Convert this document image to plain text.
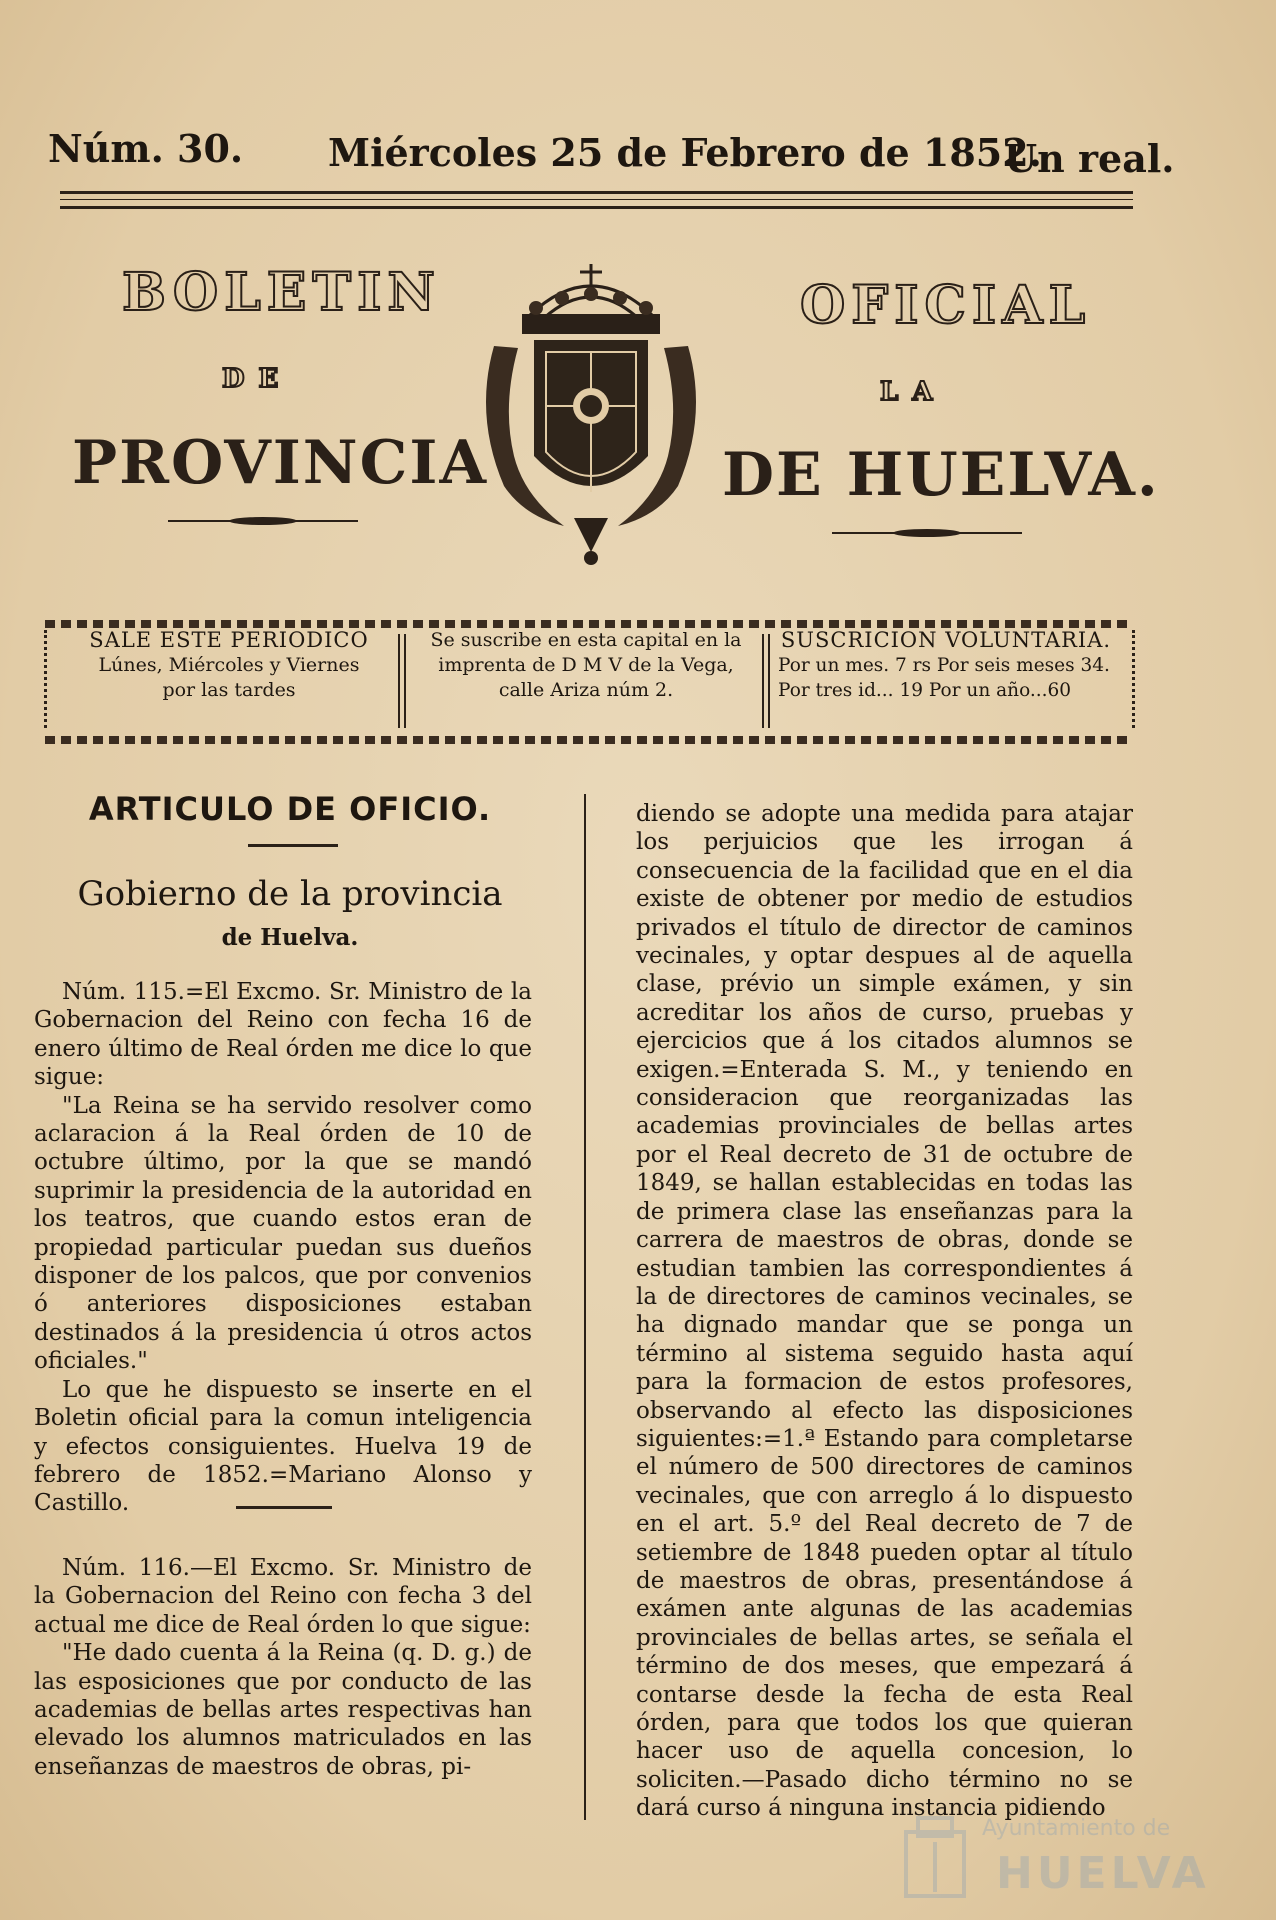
Núm. 30. Miércoles 25 de Febrero de 1852.
Un real.
BOLETIN	OFICIAL
DE	LA
PROVINCIA	DE HUELVA.
SALE ESTE PERIODICO
Lúnes, Miércoles y Viernes
por las tardes
Se suscribe en esta capital en la
imprenta de D M V de la Vega,
calle Ariza núm 2.
SUSCRICION VOLUNTARIA.
Por un mes. 7 rs Por seis meses 34.
Por tres id... 19 Por un año...60
ARTICULO DE OFICIO.
Gobierno de la provincia
de Huelva.

Núm. 115.=El Excmo. Sr. Ministro de la Gobernacion del Reino con fecha 16 de enero último de Real órden me dice lo que sigue:

"La Reina se ha servido resolver como aclaracion á la Real órden de 10 de octubre último, por la que se mandó suprimir la presidencia de la autoridad en los teatros, que cuando estos eran de propiedad particular puedan sus dueños disponer de los palcos, que por convenios ó anteriores disposiciones estaban destinados á la presidencia ú otros actos oficiales."

Lo que he dispuesto se inserte en el Boletin oficial para la comun inteligencia y efectos consiguientes. Huelva 19 de febrero de 1852.=Mariano Alonso y Castillo.

Núm. 116.—El Excmo. Sr. Ministro de la Gobernacion del Reino con fecha 3 del actual me dice de Real órden lo que sigue:

"He dado cuenta á la Reina (q. D. g.) de las esposiciones que por conducto de las academias de bellas artes respectivas han elevado los alumnos matriculados en las enseñanzas de maestros de obras, pi-

diendo se adopte una medida para atajar los perjuicios que les irrogan á consecuencia de la facilidad que en el dia existe de obtener por medio de estudios privados el título de director de caminos vecinales, y optar despues al de aquella clase, prévio un simple exámen, y sin acreditar los años de curso, pruebas y ejercicios que á los citados alumnos se exigen.=Enterada S. M., y teniendo en consideracion que reorganizadas las academias provinciales de bellas artes por el Real decreto de 31 de octubre de 1849, se hallan establecidas en todas las de primera clase las enseñanzas para la carrera de maestros de obras, donde se estudian tambien las correspondientes á la de directores de caminos vecinales, se ha dignado mandar que se ponga un término al sistema seguido hasta aquí para la formacion de estos profesores, observando al efecto las disposiciones siguientes:=1.ª Estando para completarse el número de 500 directores de caminos vecinales, que con arreglo á lo dispuesto en el art. 5.º del Real decreto de 7 de setiembre de 1848 pueden optar al título de maestros de obras, presentándose á exámen ante algunas de las academias provinciales de bellas artes, se señala el término de dos meses, que empezará á contarse desde la fecha de esta Real órden, para que todos los que quieran hacer uso de aquella concesion, lo soliciten.—Pasado dicho término no se dará curso á ninguna instancia pidiendo

Ayuntamiento de
HUELVA
